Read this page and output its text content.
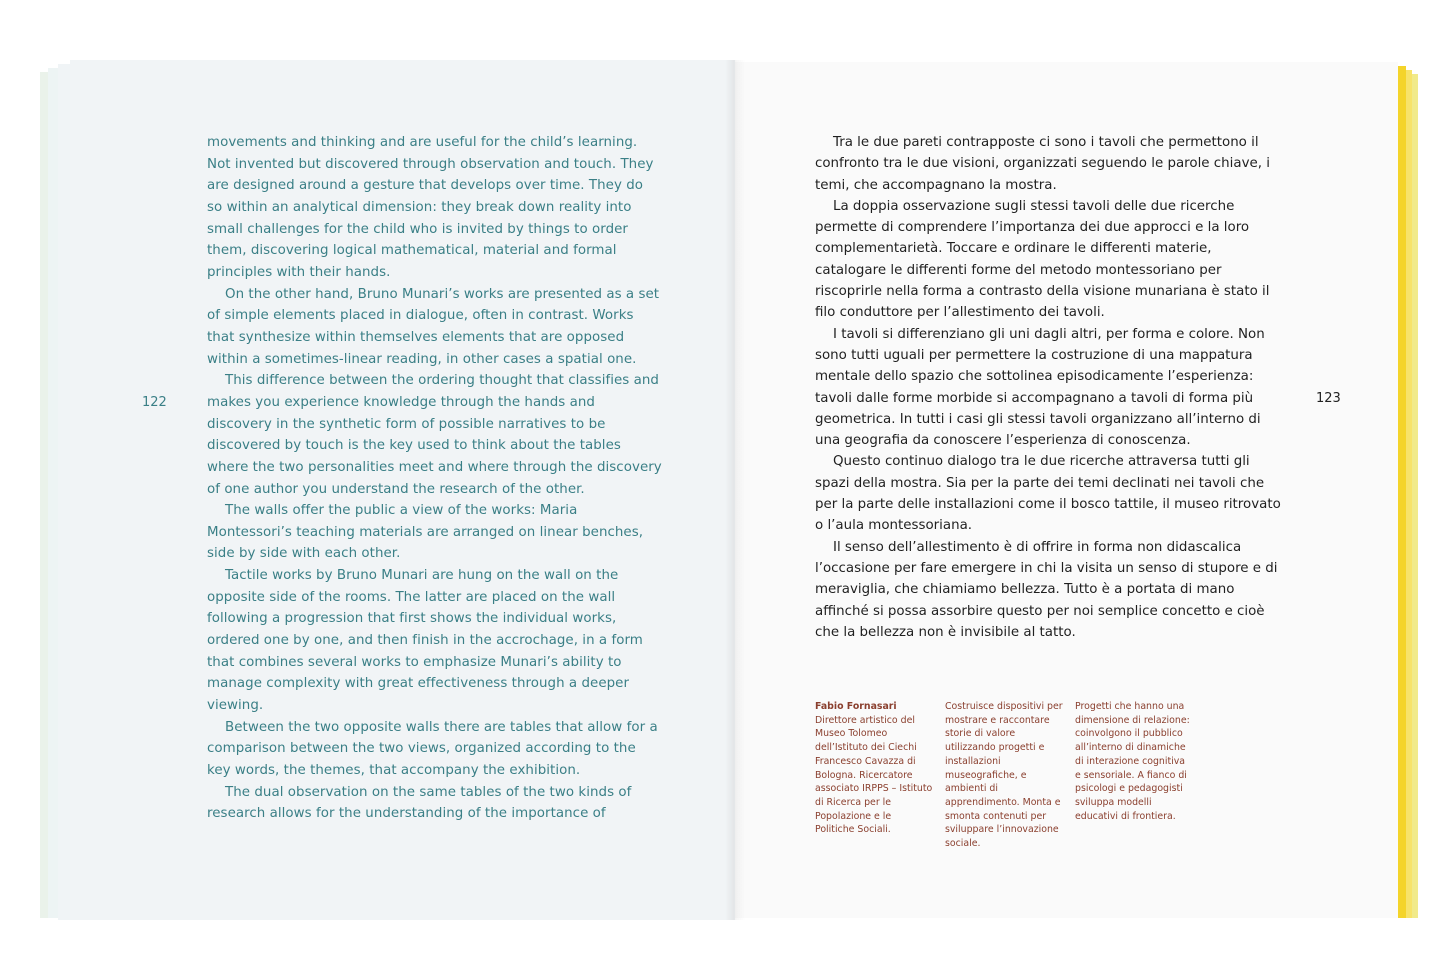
122	123

movements and thinking and are useful for the child’s learning. Not invented but discovered through observation and touch. They are designed around a gesture that develops over time. They do so within an analytical dimension: they break down reality into small challenges for the child who is invited by things to order them, discovering logical mathematical, material and formal principles with their hands.

On the other hand, Bruno Munari’s works are presented as a set of simple elements placed in dialogue, often in contrast. Works that synthesize within themselves elements that are opposed within a sometimes-linear reading, in other cases a spatial one.

This difference between the ordering thought that classifies and makes you experience knowledge through the hands and discovery in the synthetic form of possible narratives to be discovered by touch is the key used to think about the tables where the two personalities meet and where through the discovery of one author you understand the research of the other.

The walls offer the public a view of the works: Maria Montessori’s teaching materials are arranged on linear benches, side by side with each other.

Tactile works by Bruno Munari are hung on the wall on the opposite side of the rooms. The latter are placed on the wall following a progression that first shows the individual works, ordered one by one, and then finish in the accrochage, in a form that combines several works to emphasize Munari’s ability to manage complexity with great effectiveness through a deeper viewing.

Between the two opposite walls there are tables that allow for a comparison between the two views, organized according to the key words, the themes, that accompany the exhibition.

The dual observation on the same tables of the two kinds of research allows for the understanding of the importance of

Tra le due pareti contrapposte ci sono i tavoli che permettono il confronto tra le due visioni, organizzati seguendo le parole chiave, i temi, che accompagnano la mostra.

La doppia osservazione sugli stessi tavoli delle due ricerche permette di comprendere l’importanza dei due approcci e la loro complementarietà. Toccare e ordinare le differenti materie, catalogare le differenti forme del metodo montessoriano per riscoprirle nella forma a contrasto della visione munariana è stato il filo conduttore per l’allestimento dei tavoli.

I tavoli si differenziano gli uni dagli altri, per forma e colore. Non sono tutti uguali per permettere la costruzione di una mappatura mentale dello spazio che sottolinea episodicamente l’esperienza: tavoli dalle forme morbide si accompagnano a tavoli di forma più geometrica. In tutti i casi gli stessi tavoli organizzano all’interno di una geografia da conoscere l’esperienza di conoscenza.

Questo continuo dialogo tra le due ricerche attraversa tutti gli spazi della mostra. Sia per la parte dei temi declinati nei tavoli che per la parte delle installazioni come il bosco tattile, il museo ritrovato o l’aula montessoriana.

Il senso dell’allestimento è di offrire in forma non didascalica l’occasione per fare emergere in chi la visita un senso di stupore e di meraviglia, che chiamiamo bellezza. Tutto è a portata di mano affinché si possa assorbire questo per noi semplice concetto e cioè che la bellezza non è invisibile al tatto.

Fabio Fornasari
Direttore artistico del Museo Tolomeo dell’Istituto dei Ciechi Francesco Cavazza di Bologna. Ricercatore associato IRPPS – Istituto di Ricerca per le Popolazione e le Politiche Sociali.
Costruisce dispositivi per mostrare e raccontare storie di valore utilizzando progetti e installazioni museografiche, e ambienti di apprendimento. Monta e smonta contenuti per sviluppare l’innovazione sociale.
Progetti che hanno una dimensione di relazione: coinvolgono il pubblico all’interno di dinamiche di interazione cognitiva e sensoriale. A fianco di psicologi e pedagogisti sviluppa modelli educativi di frontiera.
